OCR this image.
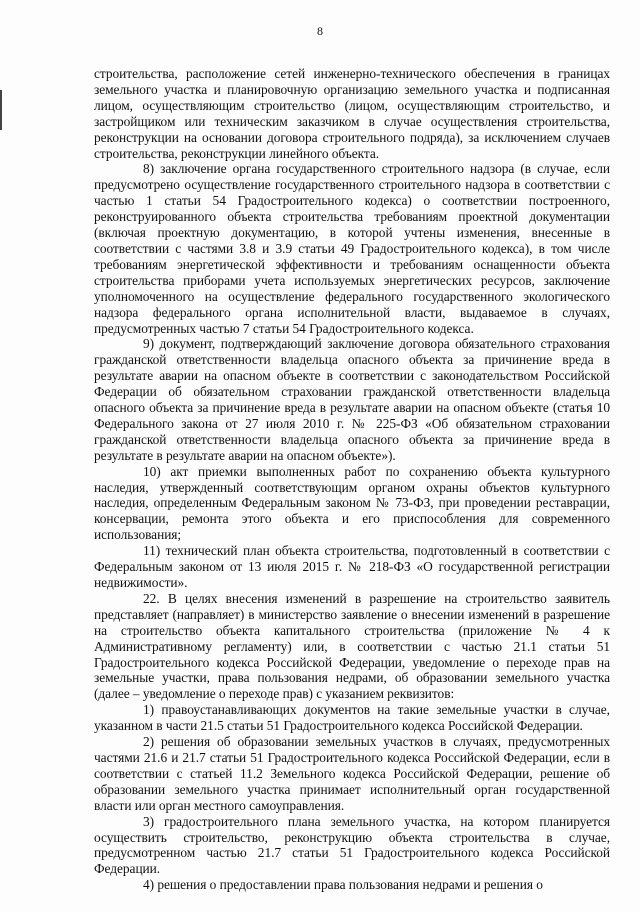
8

строительства, расположение сетей инженерно-технического обеспечения в границах земельного участка и планировочную организацию земельного участка и подписанная лицом, осуществляющим строительство (лицом, осуществляющим строительство, и застройщиком или техническим заказчиком в случае осуществления строительства, реконструкции на основании договора строительного подряда), за исключением случаев строительства, реконструкции линейного объекта.

8) заключение органа государственного строительного надзора (в случае, если предусмотрено осуществление государственного строительного надзора в соответствии с частью 1 статьи 54 Градостроительного кодекса) о соответствии построенного, реконструированного объекта строительства требованиям проектной документации (включая проектную документацию, в которой учтены изменения, внесенные в соответствии с частями 3.8 и 3.9 статьи 49 Градостроительного кодекса), в том числе требованиям энергетической эффективности и требованиям оснащенности объекта строительства приборами учета используемых энергетических ресурсов, заключение уполномоченного на осуществление федерального государственного экологического надзора федерального органа исполнительной власти, выдаваемое в случаях, предусмотренных частью 7 статьи 54 Градостроительного кодекса.

9) документ, подтверждающий заключение договора обязательного страхования гражданской ответственности владельца опасного объекта за причинение вреда в результате аварии на опасном объекте в соответствии с законодательством Российской Федерации об обязательном страховании гражданской ответственности владельца опасного объекта за причинение вреда в результате аварии на опасном объекте (статья 10 Федерального закона от 27 июля 2010 г. № 225-ФЗ «Об обязательном страховании гражданской ответственности владельца опасного объекта за причинение вреда в результате в результате аварии на опасном объекте»).

10) акт приемки выполненных работ по сохранению объекта культурного наследия, утвержденный соответствующим органом охраны объектов культурного наследия, определенным Федеральным законом № 73-ФЗ, при проведении реставрации, консервации, ремонта этого объекта и его приспособления для современного использования;

11) технический план объекта строительства, подготовленный в соответствии с Федеральным законом от 13 июля 2015 г. № 218-ФЗ «О государственной регистрации недвижимости».

22. В целях внесения изменений в разрешение на строительство заявитель представляет (направляет) в министерство заявление о внесении изменений в разрешение на строительство объекта капитального строительства (приложение № 4 к Административному регламенту) или, в соответствии с частью 21.1 статьи 51 Градостроительного кодекса Российской Федерации, уведомление о переходе прав на земельные участки, права пользования недрами, об образовании земельного участка (далее – уведомление о переходе прав) с указанием реквизитов:

1) правоустанавливающих документов на такие земельные участки в случае, указанном в части 21.5 статьи 51 Градостроительного кодекса Российской Федерации.

2) решения об образовании земельных участков в случаях, предусмотренных частями 21.6 и 21.7 статьи 51 Градостроительного кодекса Российской Федерации, если в соответствии с статьей 11.2 Земельного кодекса Российской Федерации, решение об образовании земельного участка принимает исполнительный орган государственной власти или орган местного самоуправления.

3) градостроительного плана земельного участка, на котором планируется осуществить строительство, реконструкцию объекта строительства в случае, предусмотренном частью 21.7 статьи 51 Градостроительного кодекса Российской Федерации.

4) решения о предоставлении права пользования недрами и решения о
